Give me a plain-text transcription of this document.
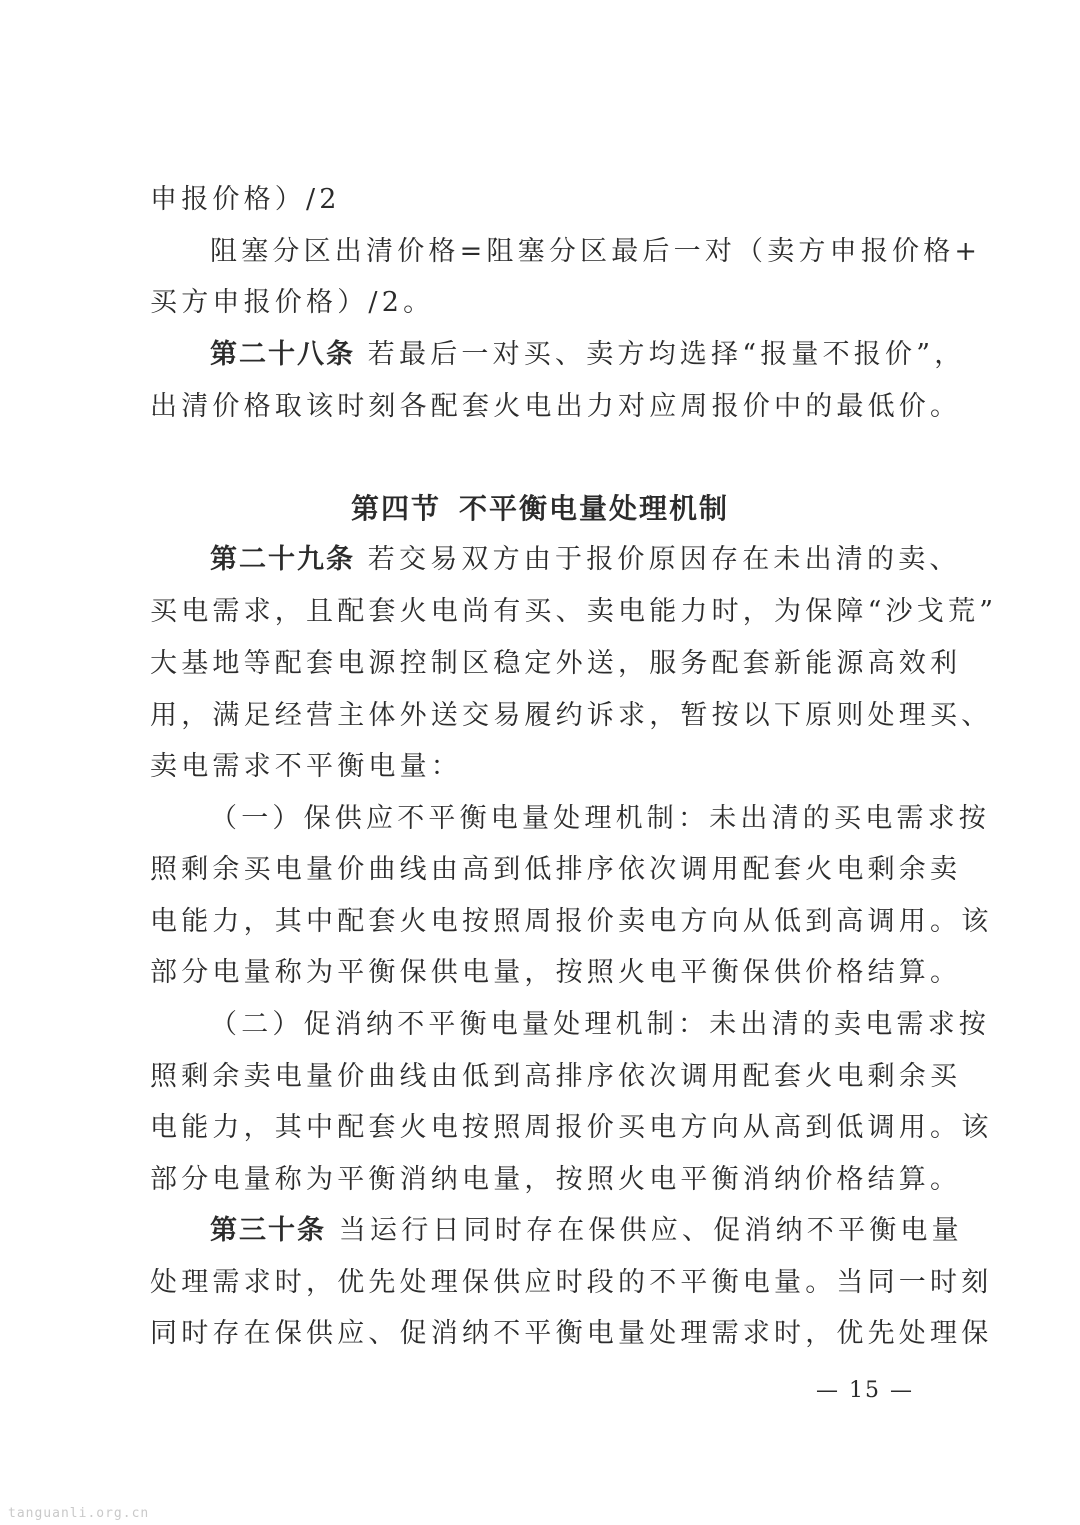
申报价格）/2
阻塞分区出清价格=阻塞分区最后一对（卖方申报价格+
买方申报价格）/2。
第二十八条 若最后一对买、卖方均选择“报量不报价”，
出清价格取该时刻各配套火电出力对应周报价中的最低价。
第四节 不平衡电量处理机制
第二十九条 若交易双方由于报价原因存在未出清的卖、
买电需求，且配套火电尚有买、卖电能力时，为保障“沙戈荒”
大基地等配套电源控制区稳定外送，服务配套新能源高效利
用，满足经营主体外送交易履约诉求，暂按以下原则处理买、
卖电需求不平衡电量：
（一）保供应不平衡电量处理机制：未出清的买电需求按
照剩余买电量价曲线由高到低排序依次调用配套火电剩余卖
电能力，其中配套火电按照周报价卖电方向从低到高调用。该
部分电量称为平衡保供电量，按照火电平衡保供价格结算。
（二）促消纳不平衡电量处理机制：未出清的卖电需求按
照剩余卖电量价曲线由低到高排序依次调用配套火电剩余买
电能力，其中配套火电按照周报价买电方向从高到低调用。该
部分电量称为平衡消纳电量，按照火电平衡消纳价格结算。
第三十条 当运行日同时存在保供应、促消纳不平衡电量
处理需求时，优先处理保供应时段的不平衡电量。当同一时刻
同时存在保供应、促消纳不平衡电量处理需求时，优先处理保
— 15 —
tanguanli.org.cn
